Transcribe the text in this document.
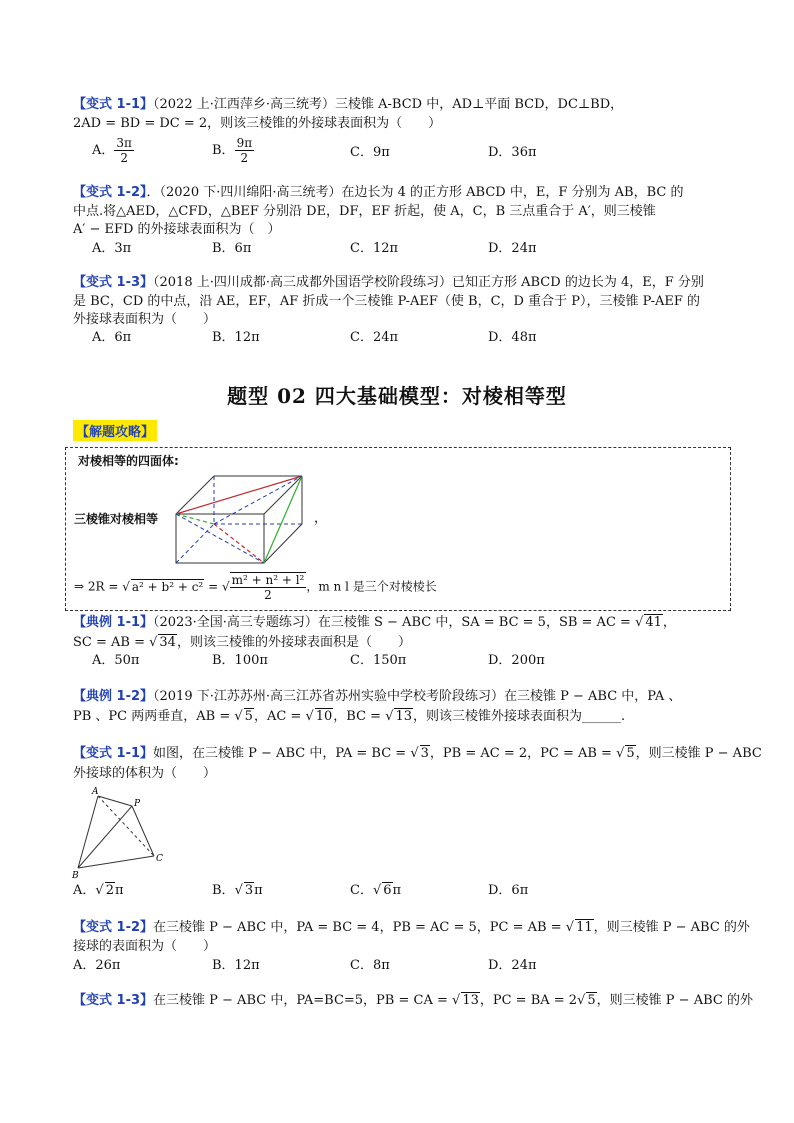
【变式 1-1】（2022 上·江西萍乡·高三统考）三棱锥 A-BCD 中，AD⊥平面 BCD，DC⊥BD，
2AD = BD = DC = 2，则该三棱锥的外接球表面积为（　　）
A． $\frac{3\pi}{2}$	B． $\frac{9\pi}{2}$	C．9π	D．36π
【变式 1-2】．（2020 下·四川绵阳·高三统考）在边长为 4 的正方形 ABCD 中，E，F 分别为 AB，BC 的
中点.将△AED，△CFD，△BEF 分别沿 DE，DF，EF 折起，使 A，C，B 三点重合于 A′，则三棱锥
A′ − EFD 的外接球表面积为（　）
A．3π	B．6π	C．12π	D．24π
【变式 1-3】（2018 上·四川成都·高三成都外国语学校阶段练习）已知正方形 ABCD 的边长为 4，E，F 分别
是 BC，CD 的中点，沿 AE，EF，AF 折成一个三棱锥 P-AEF（使 B，C，D 重合于 P），三棱锥 P-AEF 的
外接球表面积为（　　）
A．6π	B．12π	C．24π	D．48π
题型 02 四大基础模型：对棱相等型
【解题攻略】
对棱相等的四面体:
三棱锥对棱相等	，
⇒ 2R = √ a² + b² + c² = √ $\frac{\text{m² + n² + l²}}{2}$ ，m n l 是三个对棱棱长
【典例 1-1】（2023·全国·高三专题练习）在三棱锥 S − ABC 中，SA = BC = 5，SB = AC = √ 41，
SC = AB = √ 34，则该三棱锥的外接球表面积是（　　）
A．50π	B．100π	C．150π	D．200π
【典例 1-2】（2019 下·江苏苏州·高三江苏省苏州实验中学校考阶段练习）在三棱锥 P − ABC 中，PA 、
PB 、PC 两两垂直，AB = √ 5，AC = √ 10，BC = √ 13，则该三棱锥外接球表面积为______.
【变式 1-1】如图，在三棱锥 P − ABC 中，PA = BC = √ 3，PB = AC = 2，PC = AB = √ 5，则三棱锥 P − ABC
外接球的体积为（　　）
A
P
B
C
A．√ 2π	B．√ 3π	C．√ 6π	D．6π
【变式 1-2】在三棱锥 P − ABC 中，PA = BC = 4，PB = AC = 5，PC = AB = √ 11，则三棱锥 P − ABC 的外
接球的表面积为（　　）
A．26π	B．12π	C．8π	D．24π
【变式 1-3】在三棱锥 P − ABC 中，PA=BC=5，PB = CA = √ 13，PC = BA = 2√ 5，则三棱锥 P − ABC 的外
